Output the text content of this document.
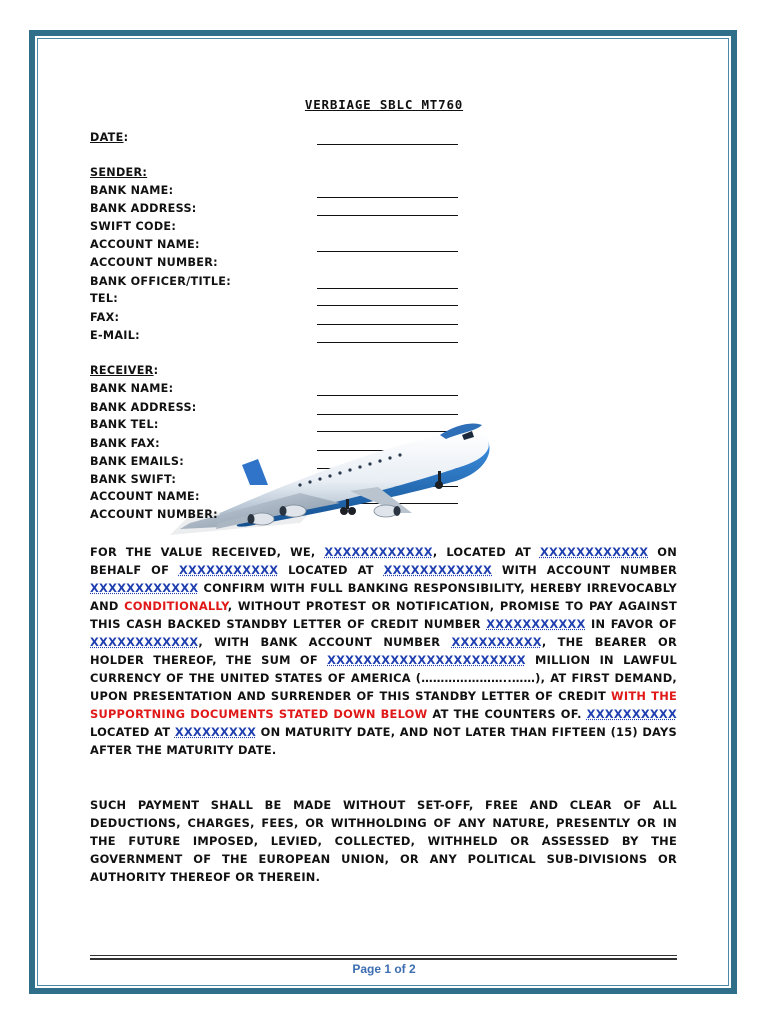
VERBIAGE SBLC MT760
DATE:
SENDER:
BANK NAME:
BANK ADDRESS:
SWIFT CODE:
ACCOUNT NAME:
ACCOUNT NUMBER:
BANK OFFICER/TITLE:
TEL:
FAX:
E-MAIL:
RECEIVER:
BANK NAME:
BANK ADDRESS:
BANK TEL:
BANK FAX:
BANK EMAILS:
BANK SWIFT:
ACCOUNT NAME:
ACCOUNT NUMBER:
FOR THE VALUE RECEIVED, WE, XXXXXXXXXXXX, LOCATED AT XXXXXXXXXXXX ON BEHALF OF XXXXXXXXXXX LOCATED AT XXXXXXXXXXXX WITH ACCOUNT NUMBER XXXXXXXXXXXX CONFIRM WITH FULL BANKING RESPONSIBILITY, HEREBY IRREVOCABLY AND CONDITIONALLY, WITHOUT PROTEST OR NOTIFICATION, PROMISE TO PAY AGAINST THIS CASH BACKED STANDBY LETTER OF CREDIT NUMBER XXXXXXXXXXX IN FAVOR OF XXXXXXXXXXXX, WITH BANK ACCOUNT NUMBER XXXXXXXXXX, THE BEARER OR HOLDER THEREOF, THE SUM OF XXXXXXXXXXXXXXXXXXXXXX MILLION IN LAWFUL CURRENCY OF THE UNITED STATES OF AMERICA (…………………..……), AT FIRST DEMAND, UPON PRESENTATION AND SURRENDER OF THIS STANDBY LETTER OF CREDIT WITH THE SUPPORTNING DOCUMENTS STATED DOWN BELOW AT THE COUNTERS OF. XXXXXXXXXX LOCATED AT XXXXXXXXX ON MATURITY DATE, AND NOT LATER THAN FIFTEEN (15) DAYS AFTER THE MATURITY DATE.
SUCH PAYMENT SHALL BE MADE WITHOUT SET-OFF, FREE AND CLEAR OF ALL DEDUCTIONS, CHARGES, FEES, OR WITHHOLDING OF ANY NATURE, PRESENTLY OR IN THE FUTURE IMPOSED, LEVIED, COLLECTED, WITHHELD OR ASSESSED BY THE GOVERNMENT OF THE EUROPEAN UNION, OR ANY POLITICAL SUB-DIVISIONS OR AUTHORITY THEREOF OR THEREIN.
Page 1 of 2
